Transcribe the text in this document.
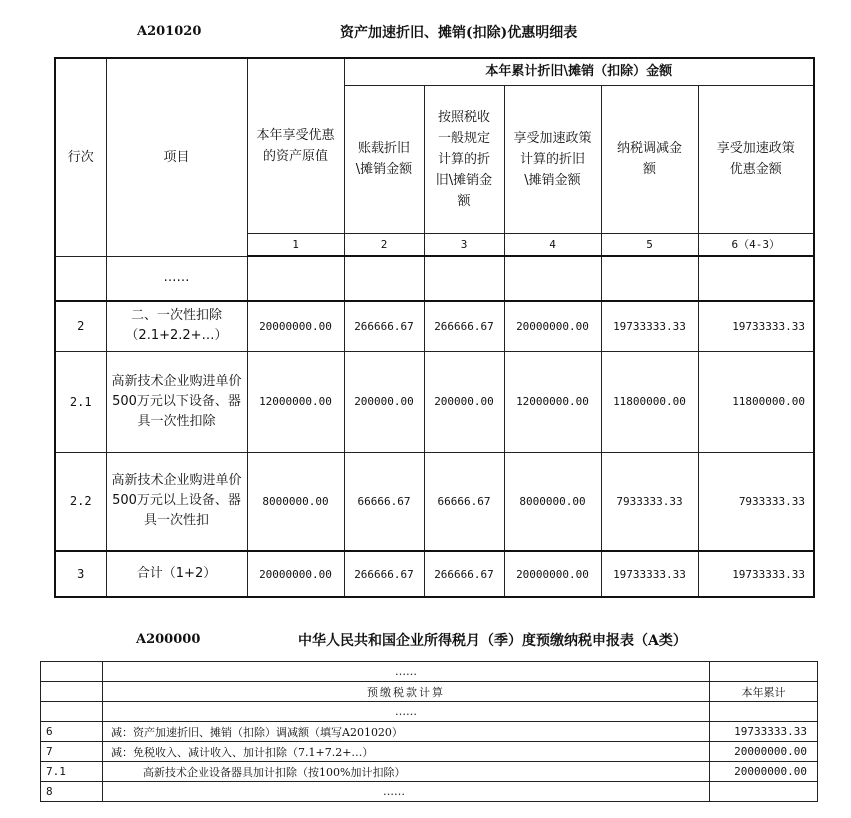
A201020	资产加速折旧、摊销(扣除)优惠明细表
行次	项目	本年享受优惠的资产原值	本年累计折旧\摊销（扣除）金额				
			账载折旧\摊销金额	按照税收一般规定计算的折旧\摊销金额	享受加速政策计算的折旧\摊销金额	纳税调减金额	享受加速政策优惠金额
		1	2	3	4	5	6（4-3）
	……						
2	二、一次性扣除（2.1+2.2+…）	20000000.00	266666.67	266666.67	20000000.00	19733333.33	19733333.33
2.1	高新技术企业购进单价500万元以下设备、器具一次性扣除	12000000.00	200000.00	200000.00	12000000.00	11800000.00	11800000.00
2.2	高新技术企业购进单价500万元以上设备、器具一次性扣	8000000.00	66666.67	66666.67	8000000.00	7933333.33	7933333.33
3	合计（1+2）	20000000.00	266666.67	266666.67	20000000.00	19733333.33	19733333.33
A200000	中华人民共和国企业所得税月（季）度预缴纳税申报表（A类）
	……	
	预缴税款计算	本年累计
	……	
6	减：资产加速折旧、摊销（扣除）调减额（填写A201020）	19733333.33
7	减：免税收入、减计收入、加计扣除（7.1+7.2+…）	20000000.00
7.1	高新技术企业设备器具加计扣除（按100%加计扣除）	20000000.00
8	……	
